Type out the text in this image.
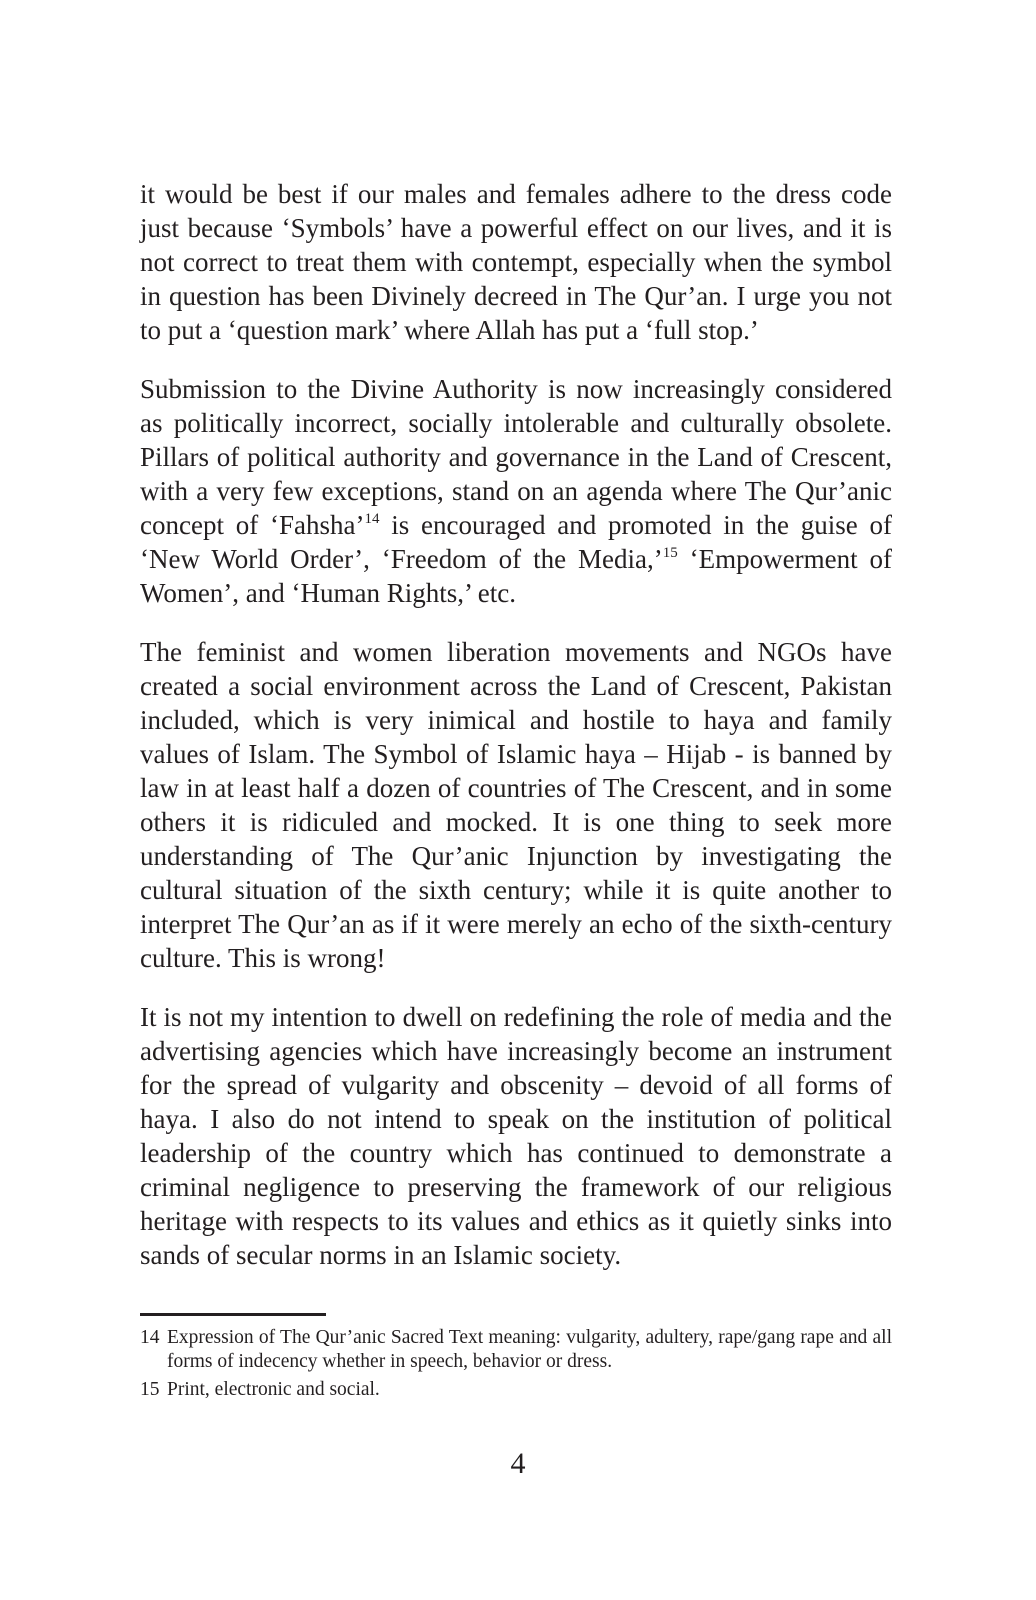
it would be best if our males and females adhere to the dress code just because ‘Symbols’ have a powerful effect on our lives, and it is not correct to treat them with contempt, especially when the symbol in question has been Divinely decreed in The Qur’an. I urge you not to put a ‘question mark’ where Allah has put a ‘full stop.’

Submission to the Divine Authority is now increasingly considered as politically incorrect, socially intolerable and culturally obsolete. Pillars of political authority and governance in the Land of Crescent, with a very few exceptions, stand on an agenda where The Qur’anic concept of ‘Fahsha’$^{14}$ is encouraged and promoted in the guise of ‘New World Order’, ‘Freedom of the Media,’$^{15}$ ‘Empowerment of Women’, and ‘Human Rights,’ etc.

The feminist and women liberation movements and NGOs have created a social environment across the Land of Crescent, Pakistan included, which is very inimical and hostile to haya and family values of Islam. The Symbol of Islamic haya – Hijab - is banned by law in at least half a dozen of countries of The Crescent, and in some others it is ridiculed and mocked. It is one thing to seek more understanding of The Qur’anic Injunction by investigating the cultural situation of the sixth century; while it is quite another to interpret The Qur’an as if it were merely an echo of the sixth-century culture. This is wrong!

It is not my intention to dwell on redefining the role of media and the advertising agencies which have increasingly become an instrument for the spread of vulgarity and obscenity – devoid of all forms of haya. I also do not intend to speak on the institution of political leadership of the country which has continued to demonstrate a criminal negligence to preserving the framework of our religious heritage with respects to its values and ethics as it quietly sinks into sands of secular norms in an Islamic society.

14 Expression of The Qur’anic Sacred Text meaning: vulgarity, adultery, rape/gang rape and all forms of indecency whether in speech, behavior or dress.

15 Print, electronic and social.

4
